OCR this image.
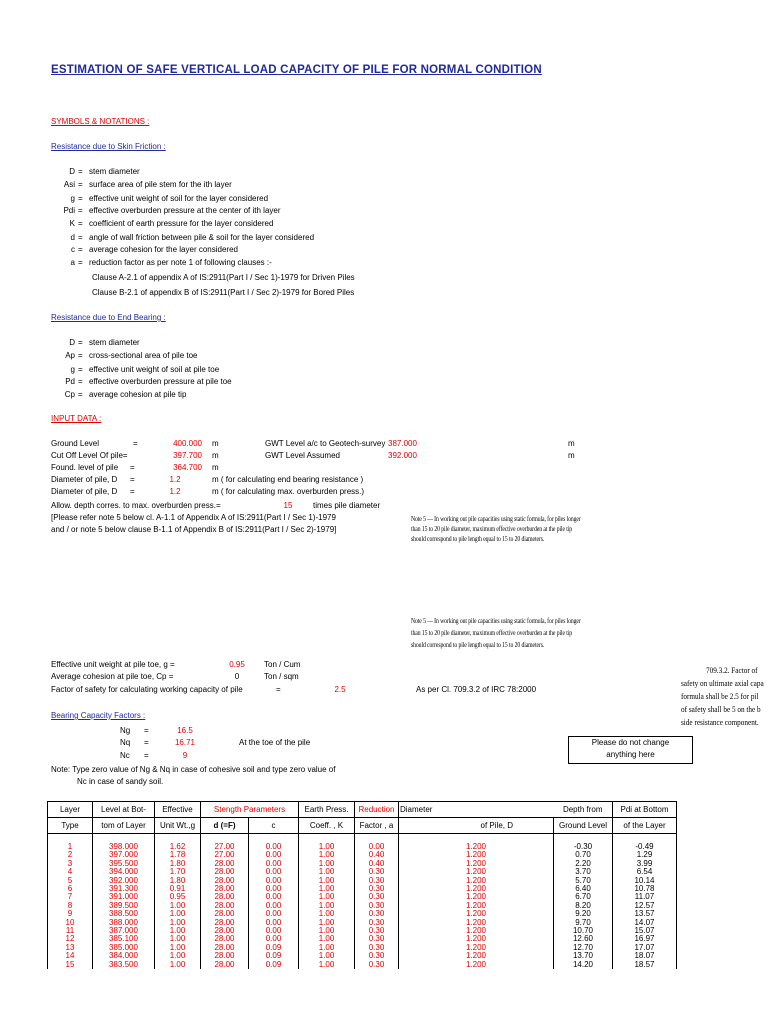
ESTIMATION OF SAFE VERTICAL LOAD CAPACITY OF PILE FOR NORMAL CONDITION
SYMBOLS & NOTATIONS :
Resistance due to Skin Friction :
D = stem diameter
Asi = surface area of pile stem for the ith layer
g = effective unit weight of soil for the layer considered
Pdi = effective overburden pressure at the center of ith layer
K = coefficient of earth pressure for the layer considered
d = angle of wall friction between pile & soil for the layer considered
c = average cohesion for the layer considered
a = reduction factor as per note 1 of following clauses :-
Clause A-2.1 of appendix A of IS:2911(Part I / Sec 1)-1979 for Driven Piles
Clause B-2.1 of appendix B of IS:2911(Part I / Sec 2)-1979 for Bored Piles
Resistance due to End Bearing :
D = stem diameter
Ap = cross-sectional area of pile toe
g = effective unit weight of soil at pile toe
Pd = effective overburden pressure at pile toe
Cp = average cohesion at pile tip
INPUT DATA :
Ground Level	=	400.000 m	GWT Level a/c to Geotech-survey 387.000	m
Cut Off Level Of pile=	397.700 m	GWT Level Assumed	392.000	m
Found. level of pile =	364.700 m
Diameter of pile, D =	1.2	m ( for calculating end bearing resistance )
Diameter of pile, D =	1.2	m ( for calculating max. overburden press.)
Allow. depth corres. to max. overburden press.=	15	times pile diameter
[Please refer note 5 below cl. A-1.1 of Appendix A of IS:2911(Part I / Sec 1)-1979
and / or note 5 below clause B-1.1 of Appendix B of IS:2911(Part I / Sec 2)-1979]
Note 5 — In working out pile capacities using static formula, for piles longer
than 15 to 20 pile diameter, maximum effective overburden at the pile tip
should correspond to pile length equal to 15 to 20 diameters.
Note 5 — In working out pile capacities using static formula, for piles longer
than 15 to 20 pile diameter, maximum effective overburden at the pile tip
should correspond to pile length equal to 15 to 20 diameters.
Effective unit weight at pile toe, g =	0.95	Ton / Cum
Average cohesion at pile toe, Cp =	0	Ton / sqm
Factor of safety for calculating working capacity of pile	=	2.5	As per Cl. 709.3.2 of IRC 78:2000
709.3.2. Factor of
safety on ultimate axial capa
formula shall be 2.5 for pil
of safety shall be 5 on the b
side resistance component.
Bearing Capacity Factors :
Ng =	16.5
Nq =	16.71	At the toe of the pile
Nc =	9
Please do not change
anything here
Note: Type zero value of Ng & Nq in case of cohesive soil and type zero value of
Nc in case of sandy soil.
Layer	Level at Bot-	Effective	Stength Parameters		Earth Press.	Reduction	Diameter	Depth from	Pdi at Bottom
Type	tom of Layer	Unit Wt.,g	d (=F)	c	Coeff. , K	Factor , a	of Pile, D	Ground Level	of the Layer

1	398.000	1.62	27.00	0.00	1.00	0.00	1.200	-0.30	-0.49
2	397.000	1.78	27.00	0.00	1.00	0.40	1.200	0.70	1.29
3	395.500	1.80	28.00	0.00	1.00	0.40	1.200	2.20	3.99
4	394.000	1.70	28.00	0.00	1.00	0.30	1.200	3.70	6.54
5	392.000	1.80	28.00	0.00	1.00	0.30	1.200	5.70	10.14
6	391.300	0.91	28.00	0.00	1.00	0.30	1.200	6.40	10.78
7	391.000	0.95	28.00	0.00	1.00	0.30	1.200	6.70	11.07
8	389.500	1.00	28.00	0.00	1.00	0.30	1.200	8.20	12.57
9	388.500	1.00	28.00	0.00	1.00	0.30	1.200	9.20	13.57
10	388.000	1.00	28.00	0.00	1.00	0.30	1.200	9.70	14.07
11	387.000	1.00	28.00	0.00	1.00	0.30	1.200	10.70	15.07
12	385.100	1.00	28.00	0.00	1.00	0.30	1.200	12.60	16.97
13	385.000	1.00	28.00	0.09	1.00	0.30	1.200	12.70	17.07
14	384.000	1.00	28.00	0.09	1.00	0.30	1.200	13.70	18.07
15	383.500	1.00	28.00	0.09	1.00	0.30	1.200	14.20	18.57
